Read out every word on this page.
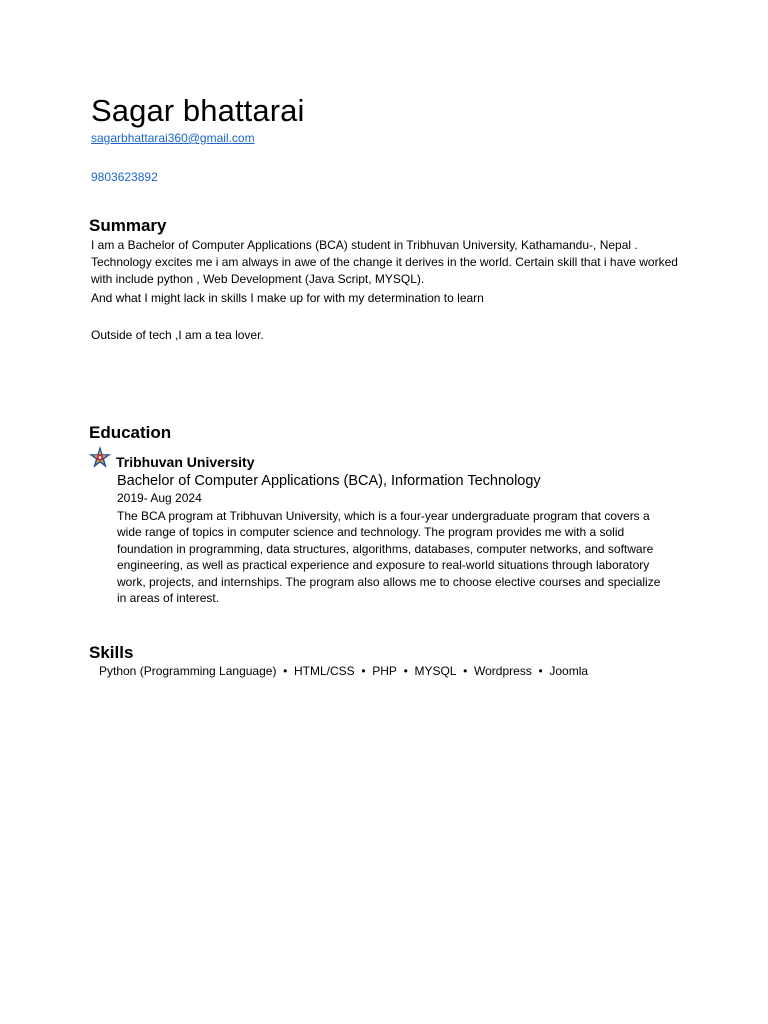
Sagar bhattarai
sagarbhattarai360@gmail.com
9803623892
Summary

I am a Bachelor of Computer Applications (BCA) student in Tribhuvan University, Kathamandu-, Nepal . Technology excites me i am always in awe of the change it derives in the world. Certain skill that i have worked with include python , Web Development (Java Script, MYSQL).

And what I might lack in skills I make up for with my determination to learn

Outside of tech ,I am a tea lover.

Education
Tribhuvan University
Bachelor of Computer Applications (BCA), Information Technology
2019- Aug 2024

The BCA program at Tribhuvan University, which is a four-year undergraduate program that covers a wide range of topics in computer science and technology. The program provides me with a solid foundation in programming, data structures, algorithms, databases, computer networks, and software engineering, as well as practical experience and exposure to real-world situations through laboratory work, projects, and internships. The program also allows me to choose elective courses and specialize in areas of interest.

Skills
Python (Programming Language) • HTML/CSS • PHP • MYSQL • Wordpress • Joomla
